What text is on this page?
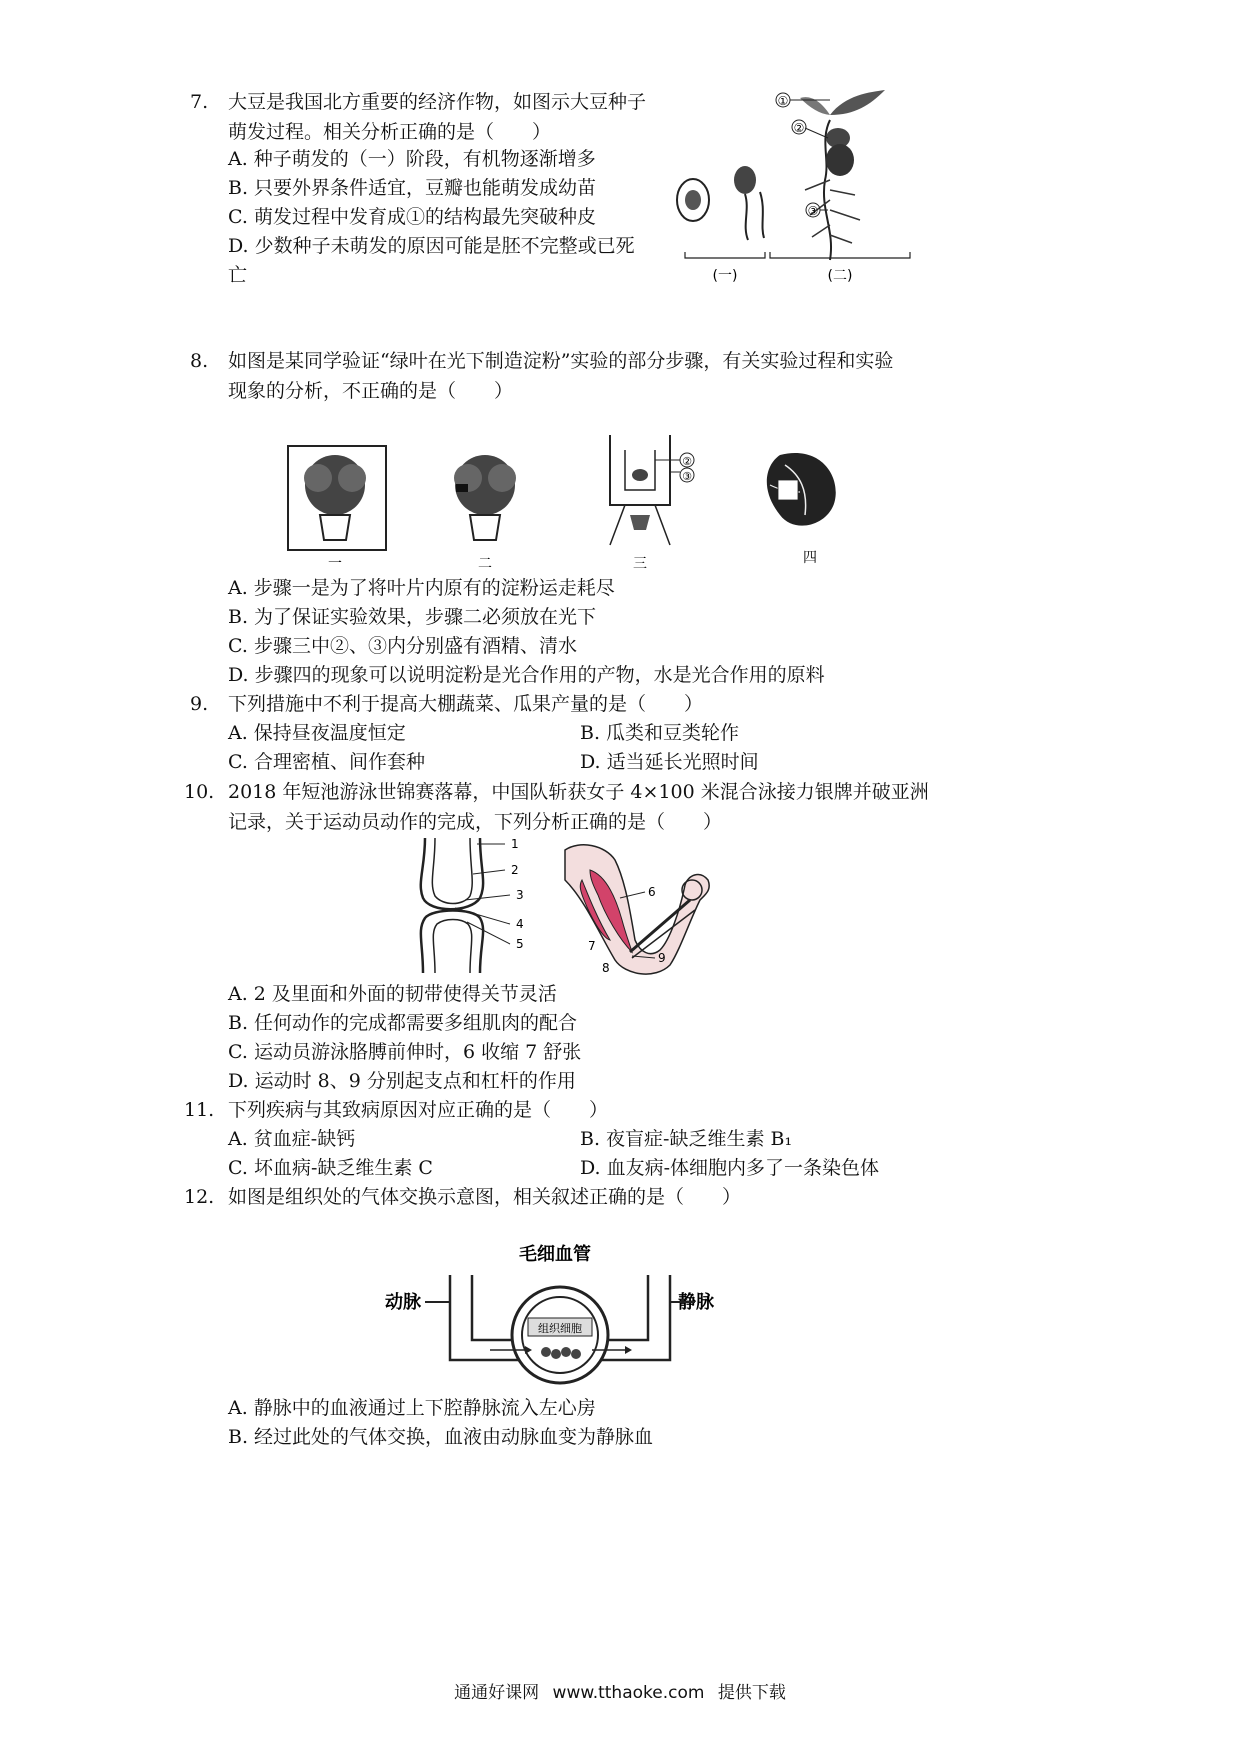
7. 大豆是我国北方重要的经济作物，如图示大豆种子
萌发过程。相关分析正确的是（　　）
A. 种子萌发的（一）阶段，有机物逐渐增多
B. 只要外界条件适宜，豆瓣也能萌发成幼苗
C. 萌发过程中发育成①的结构最先突破种皮
D. 少数种子未萌发的原因可能是胚不完整或已死
亡
①
②
③
(一)	(二)
8. 如图是某同学验证“绿叶在光下制造淀粉”实验的部分步骤，有关实验过程和实验
现象的分析，不正确的是（　　）
一	二
②
③
三	四
A. 步骤一是为了将叶片内原有的淀粉运走耗尽
B. 为了保证实验效果，步骤二必须放在光下
C. 步骤三中②、③内分别盛有酒精、清水
D. 步骤四的现象可以说明淀粉是光合作用的产物，水是光合作用的原料
9. 下列措施中不利于提高大棚蔬菜、瓜果产量的是（　　）
A. 保持昼夜温度恒定	B. 瓜类和豆类轮作
C. 合理密植、间作套种	D. 适当延长光照时间
10. 2018 年短池游泳世锦赛落幕，中国队斩获女子 4×100 米混合泳接力银牌并破亚洲
记录，关于运动员动作的完成，下列分析正确的是（　　）
1
2
3
4
5
6
7
8
9
A. 2 及里面和外面的韧带使得关节灵活
B. 任何动作的完成都需要多组肌肉的配合
C. 运动员游泳胳膊前伸时，6 收缩 7 舒张
D. 运动时 8、9 分别起支点和杠杆的作用
11. 下列疾病与其致病原因对应正确的是（　　）
A. 贫血症-缺钙	B. 夜盲症-缺乏维生素 B₁
C. 坏血病-缺乏维生素 C	D. 血友病-体细胞内多了一条染色体
12. 如图是组织处的气体交换示意图，相关叙述正确的是（　　）
毛细血管
动脉	静脉
组织细胞
A. 静脉中的血液通过上下腔静脉流入左心房
B. 经过此处的气体交换，血液由动脉血变为静脉血
通通好课网 www.tthaoke.com 提供下载
